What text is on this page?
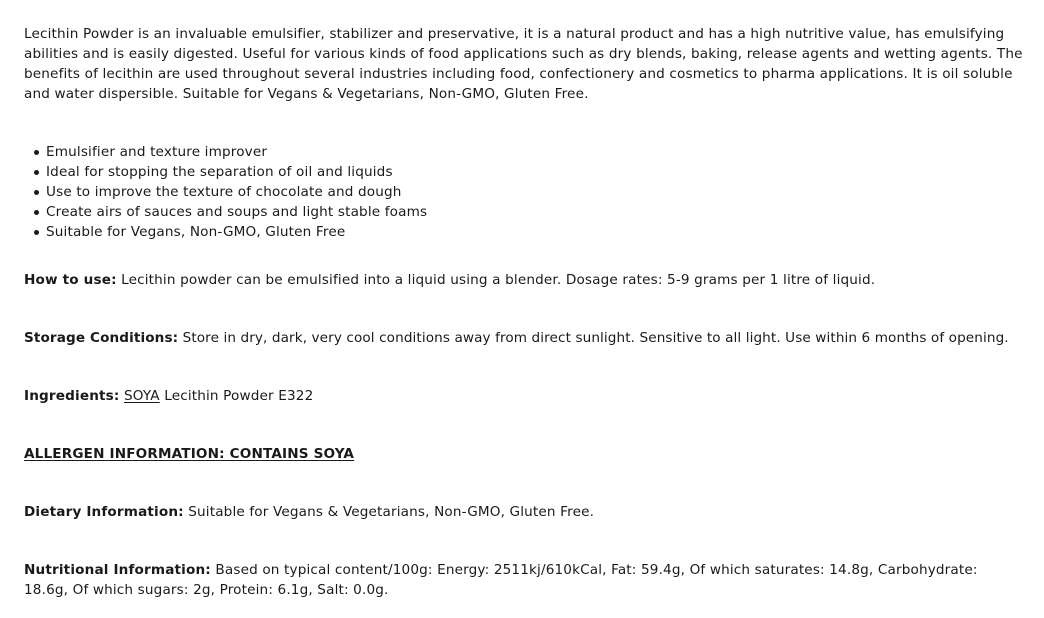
Lecithin Powder is an invaluable emulsifier, stabilizer and preservative, it is a natural product and has a high nutritive value, has emulsifying abilities and is easily digested. Useful for various kinds of food applications such as dry blends, baking, release agents and wetting agents. The benefits of lecithin are used throughout several industries including food, confectionery and cosmetics to pharma applications. It is oil soluble and water dispersible. Suitable for Vegans & Vegetarians, Non-GMO, Gluten Free.

Emulsifier and texture improver
Ideal for stopping the separation of oil and liquids
Use to improve the texture of chocolate and dough
Create airs of sauces and soups and light stable foams
Suitable for Vegans, Non-GMO, Gluten Free

How to use: Lecithin powder can be emulsified into a liquid using a blender. Dosage rates: 5-9 grams per 1 litre of liquid.

Storage Conditions: Store in dry, dark, very cool conditions away from direct sunlight. Sensitive to all light. Use within 6 months of opening.

Ingredients: SOYA Lecithin Powder E322

ALLERGEN INFORMATION: CONTAINS SOYA

Dietary Information: Suitable for Vegans & Vegetarians, Non-GMO, Gluten Free.

Nutritional Information: Based on typical content/100g: Energy: 2511kj/610kCal, Fat: 59.4g, Of which saturates: 14.8g, Carbohydrate: 18.6g, Of which sugars: 2g, Protein: 6.1g, Salt: 0.0g.
